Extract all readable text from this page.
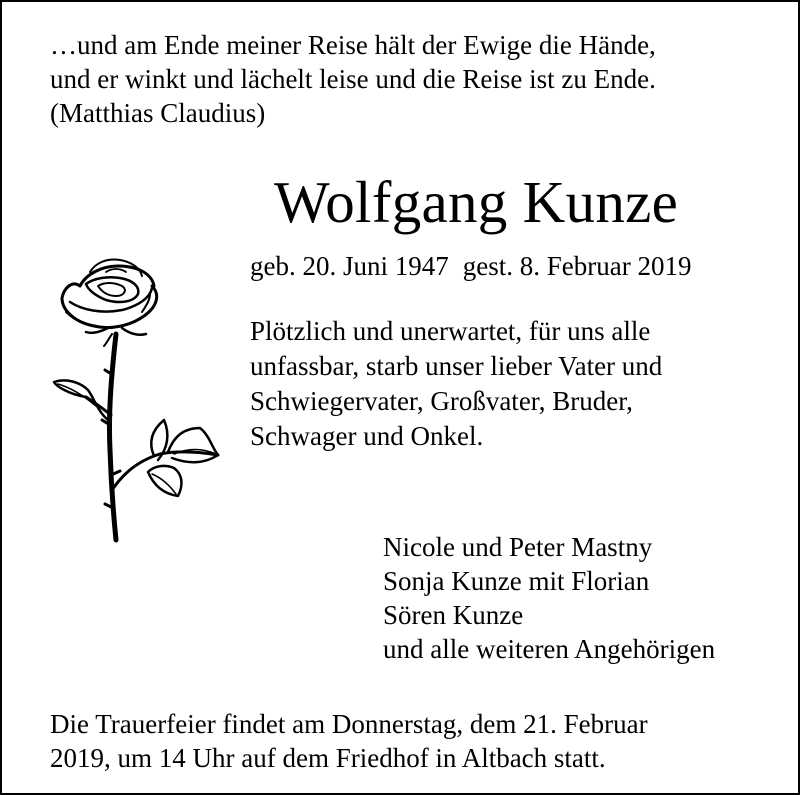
…und am Ende meiner Reise hält der Ewige die Hände,
und er winkt und lächelt leise und die Reise ist zu Ende.
(Matthias Claudius)
Wolfgang Kunze
geb. 20. Juni 1947 gest. 8. Februar 2019
Plötzlich und unerwartet, für uns alle
unfassbar, starb unser lieber Vater und
Schwiegervater, Großvater, Bruder,
Schwager und Onkel.
Nicole und Peter Mastny
Sonja Kunze mit Florian
Sören Kunze
und alle weiteren Angehörigen
Die Trauerfeier findet am Donnerstag, dem 21. Februar
2019, um 14 Uhr auf dem Friedhof in Altbach statt.
